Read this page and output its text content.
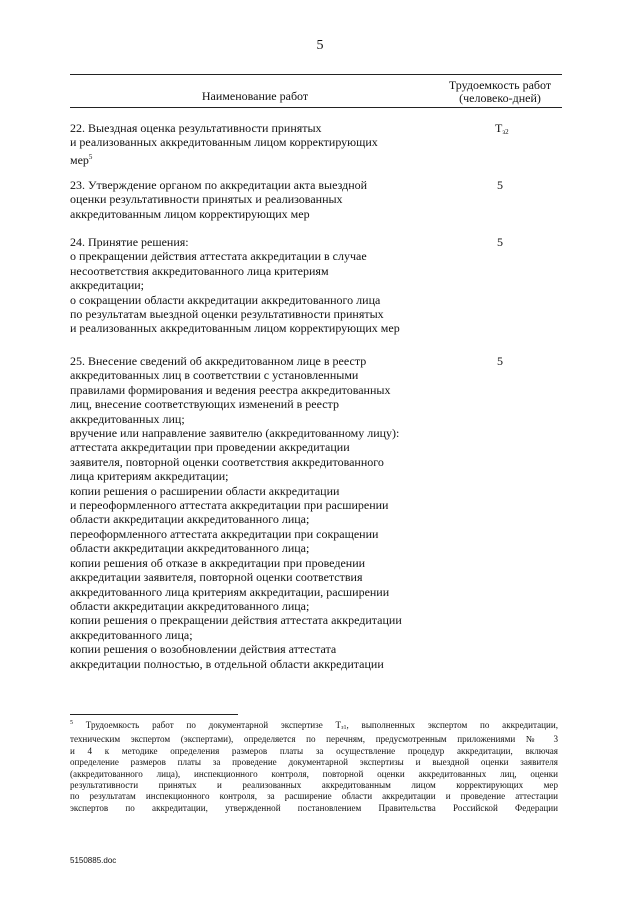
5
Наименование работ
Трудоемкость работ
(человеко-дней)
22. Выездная оценка результативности принятых
и реализованных аккредитованным лицом корректирующих
мер$^5$
$Т_{з2}$
23. Утверждение органом по аккредитации акта выездной
оценки результативности принятых и реализованных
аккредитованным лицом корректирующих мер
5
24. Принятие решения:
о прекращении действия аттестата аккредитации в случае
несоответствия аккредитованного лица критериям
аккредитации;
о сокращении области аккредитации аккредитованного лица
по результатам выездной оценки результативности принятых
и реализованных аккредитованным лицом корректирующих мер
5
25. Внесение сведений об аккредитованном лице в реестр
аккредитованных лиц в соответствии с установленными
правилами формирования и ведения реестра аккредитованных
лиц, внесение соответствующих изменений в реестр
аккредитованных лиц;
вручение или направление заявителю (аккредитованному лицу):
аттестата аккредитации при проведении аккредитации
заявителя, повторной оценки соответствия аккредитованного
лица критериям аккредитации;
копии решения о расширении области аккредитации
и переоформленного аттестата аккредитации при расширении
области аккредитации аккредитованного лица;
переоформленного аттестата аккредитации при сокращении
области аккредитации аккредитованного лица;
копии решения об отказе в аккредитации при проведении
аккредитации заявителя, повторной оценки соответствия
аккредитованного лица критериям аккредитации, расширении
области аккредитации аккредитованного лица;
копии решения о прекращении действия аттестата аккредитации
аккредитованного лица;
копии решения о возобновлении действия аттестата
аккредитации полностью, в отдельной области аккредитации
5
$^5$ Трудоемкость работ по документарной экспертизе $Т_{з1}$, выполненных экспертом по аккредитации,
техническим экспертом (экспертами), определяется по перечням, предусмотренным приложениями № 3
и 4 к методике определения размеров платы за осуществление процедур аккредитации, включая
определение размеров платы за проведение документарной экспертизы и выездной оценки заявителя
(аккредитованного лица), инспекционного контроля, повторной оценки аккредитованных лиц, оценки
результативности принятых и реализованных аккредитованным лицом корректирующих мер
по результатам инспекционного контроля, за расширение области аккредитации и проведение аттестации
экспертов по аккредитации, утвержденной постановлением Правительства Российской Федерации
5150885.doc
